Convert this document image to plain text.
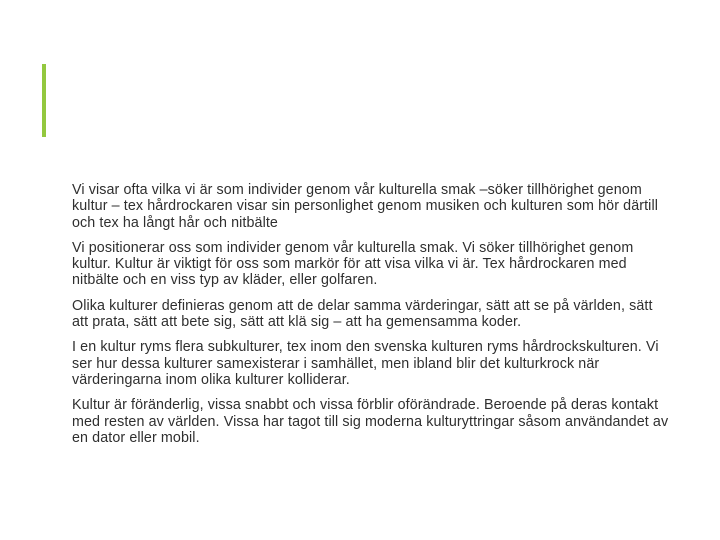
Vi visar ofta vilka vi är som individer genom vår kulturella smak –söker tillhörighet genom kultur – tex hårdrockaren visar sin personlighet genom musiken och kulturen som hör därtill och tex ha långt hår och nitbälte

Vi positionerar oss som individer genom vår kulturella smak. Vi söker tillhörighet genom kultur. Kultur är viktigt för oss som markör för att visa vilka vi är. Tex hårdrockaren med nitbälte och en viss typ av kläder, eller golfaren.

Olika kulturer definieras genom att de delar samma värderingar, sätt att se på världen, sätt att prata, sätt att bete sig, sätt att klä sig – att ha gemensamma koder.

I en kultur ryms flera subkulturer, tex inom den svenska kulturen ryms hårdrockskulturen. Vi ser hur dessa kulturer samexisterar i samhället, men ibland blir det kulturkrock när värderingarna inom olika kulturer kolliderar.

Kultur är föränderlig, vissa snabbt och vissa förblir oförändrade. Beroende på deras kontakt med resten av världen. Vissa har tagot till sig moderna kulturyttringar såsom användandet av en dator eller mobil.
